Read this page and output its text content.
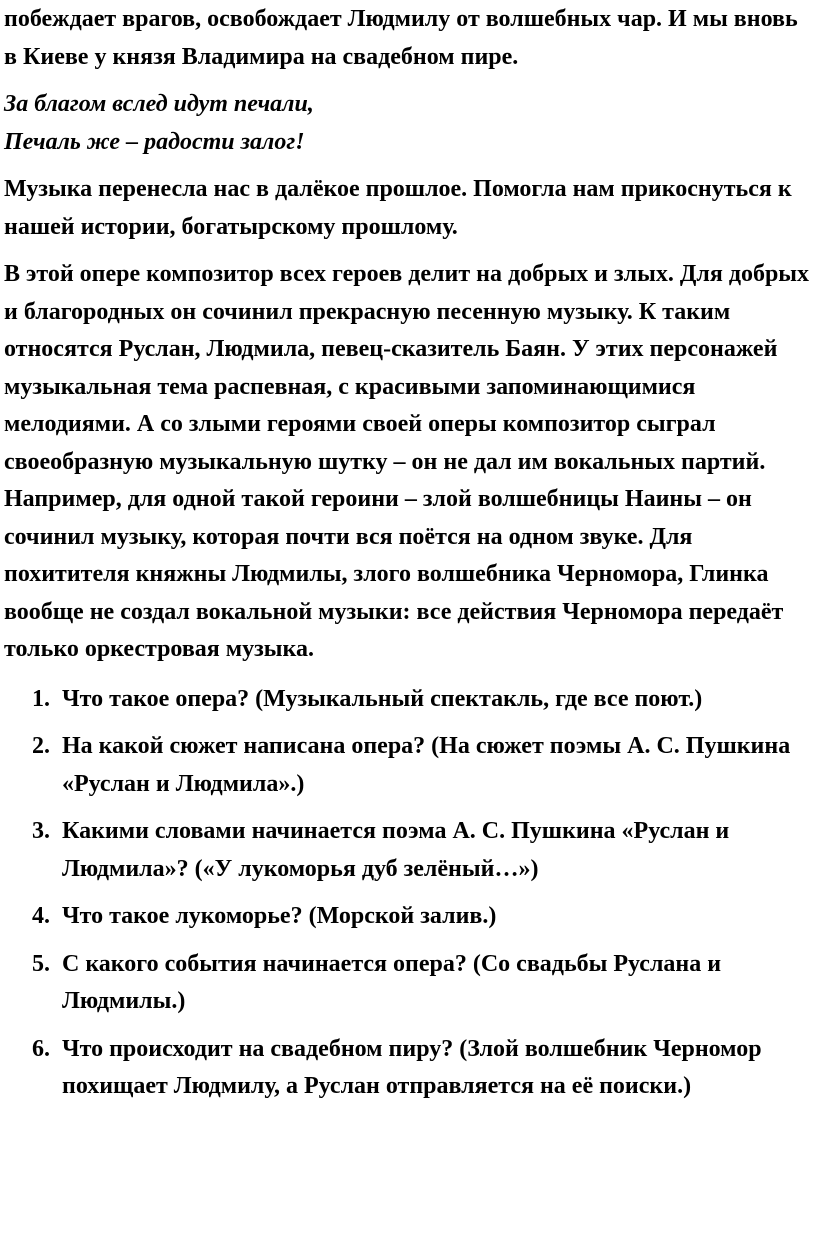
побеждает врагов, освобождает Людмилу от волшебных чар. И мы вновь в Киеве у князя Владимира на свадебном пире.

За благом вслед идут печали,
Печаль же – радости залог!

Музыка перенесла нас в далёкое прошлое. Помогла нам прикоснуться к нашей истории, богатырскому прошлому.

В этой опере композитор всех героев делит на добрых и злых. Для добрых и благородных он сочинил прекрасную песенную музыку. К таким относятся Руслан, Людмила, певец-сказитель Баян. У этих персонажей музыкальная тема распевная, с красивыми запоминающимися мелодиями. А со злыми героями своей оперы композитор сыграл своеобразную музыкальную шутку – он не дал им вокальных партий. Например, для одной такой героини – злой волшебницы Наины – он сочинил музыку, которая почти вся поётся на одном звуке. Для похитителя княжны Людмилы, злого волшебника Черномора, Глинка вообще не создал вокальной музыки: все действия Черномора передаёт только оркестровая музыка.

1. Что такое опера? (Музыкальный спектакль, где все поют.)
2. На какой сюжет написана опера? (На сюжет поэмы А. С. Пушкина «Руслан и Людмила».)
3. Какими словами начинается поэма А. С. Пушкина «Руслан и Людмила»? («У лукоморья дуб зелёный…»)
4. Что такое лукоморье? (Морской залив.)
5. С какого события начинается опера? (Со свадьбы Руслана и Людмилы.)
6. Что происходит на свадебном пиру? (Злой волшебник Черномор похищает Людмилу, а Руслан отправляется на её поиски.)
